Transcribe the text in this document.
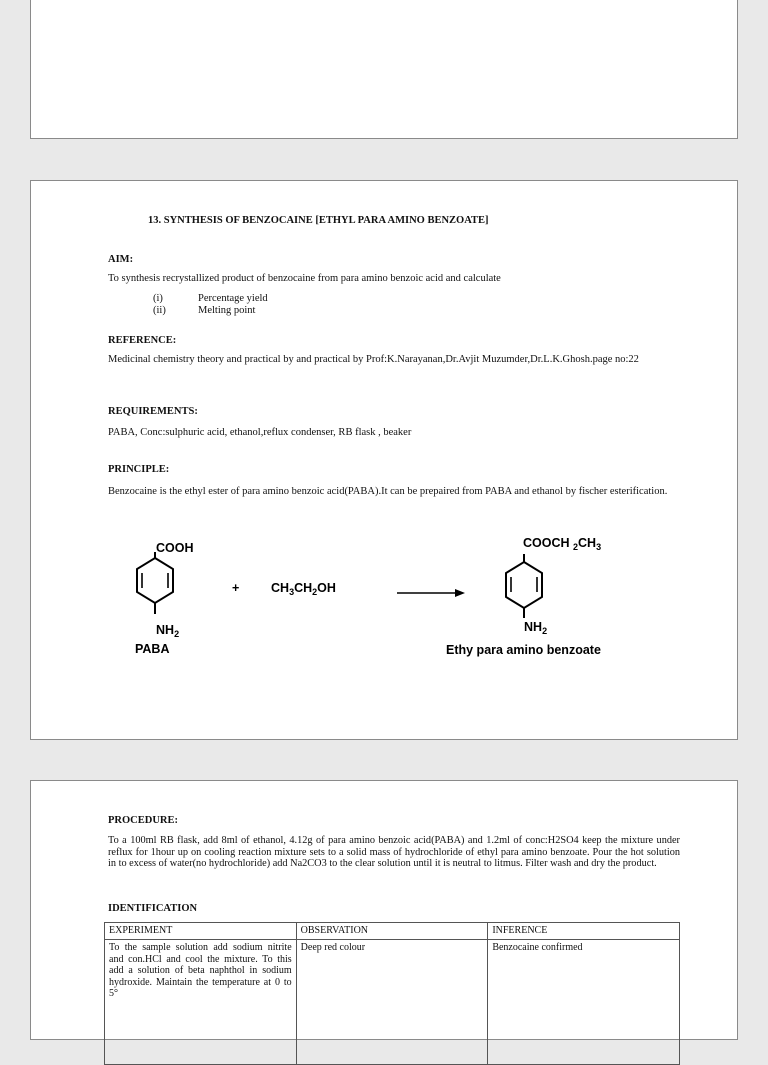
13. SYNTHESIS OF BENZOCAINE [ETHYL PARA AMINO BENZOATE]
AIM:
To synthesis recrystallized product of benzocaine from para amino benzoic acid and calculate
(i)	Percentage yield
(ii)	Melting point
REFERENCE:
Medicinal chemistry theory and practical by and practical by Prof:K.Narayanan,Dr.Avjit Muzumder,Dr.L.K.Ghosh.page no:22
REQUIREMENTS:
PABA, Conc:sulphuric acid, ethanol,reflux condenser, RB flask , beaker
PRINCIPLE:
Benzocaine is the ethyl ester of para amino benzoic acid(PABA).It can be prepaired from PABA and ethanol by fischer esterification.
COOH
$NH_2$
PABA
+	$CH_3CH_2OH$
COOCH $_2CH_3$
$NH_2$
Ethy para amino benzoate
PROCEDURE:
To a 100ml RB flask, add 8ml of ethanol, 4.12g of para amino benzoic acid(PABA) and 1.2ml of conc:H2SO4 keep the mixture under reflux for 1hour up on cooling reaction mixture sets to a solid mass of hydrochloride of ethyl para amino benzoate. Pour the hot solution in to excess of water(no hydrochloride) add Na2CO3 to the clear solution until it is neutral to litmus. Filter wash and dry the product.
IDENTIFICATION
EXPERIMENT	OBSERVATION	INFERENCE
To the sample solution add sodium nitrite and con.HCl and cool the mixture. To this add a solution of beta naphthol in sodium hydroxide. Maintain the temperature at 0 to 5°	Deep red colour	Benzocaine confirmed
